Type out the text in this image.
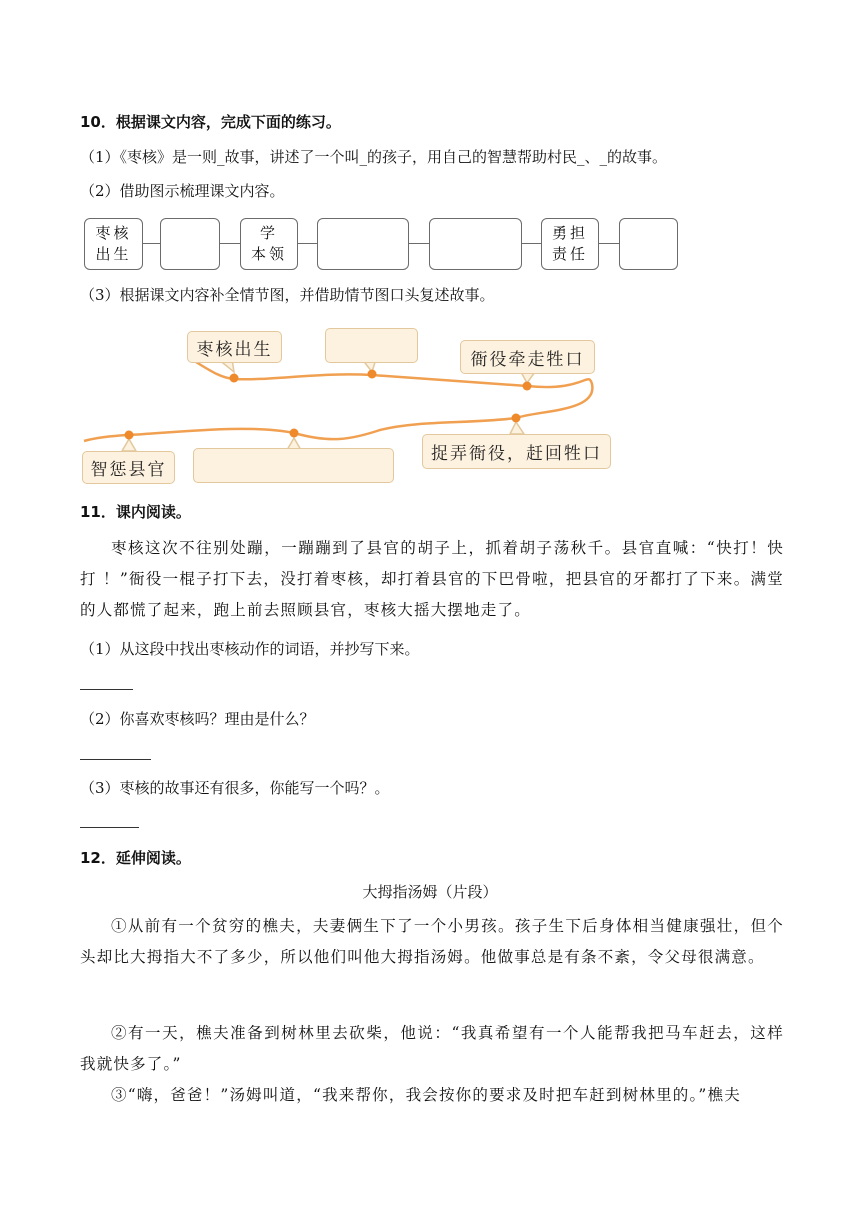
10．根据课文内容，完成下面的练习。
（1）《枣核》是一则_故事，讲述了一个叫_的孩子，用自己的智慧帮助村民_、_的故事。
（2）借助图示梳理课文内容。
枣核
出生
学
本领
勇担
责任
（3）根据课文内容补全情节图，并借助情节图口头复述故事。
枣核出生	衙役牵走牲口
捉弄衙役，赶回牲口
智惩县官
11．课内阅读。
枣核这次不往别处蹦，一蹦蹦到了县官的胡子上，抓着胡子荡秋千。县官直喊：“快打！快打 ！”衙役一棍子打下去，没打着枣核，却打着县官的下巴骨啦，把县官的牙都打了下来。满堂的人都慌了起来，跑上前去照顾县官，枣核大摇大摆地走了。
（1）从这段中找出枣核动作的词语，并抄写下来。
（2）你喜欢枣核吗？理由是什么？
（3）枣核的故事还有很多，你能写一个吗？。
12．延伸阅读。
大拇指汤姆（片段）
①从前有一个贫穷的樵夫，夫妻俩生下了一个小男孩。孩子生下后身体相当健康强壮，但个头却比大拇指大不了多少，所以他们叫他大拇指汤姆。他做事总是有条不紊，令父母很满意。
②有一天，樵夫准备到树林里去砍柴，他说：“我真希望有一个人能帮我把马车赶去，这样我就快多了。”
③“嗨，爸爸！”汤姆叫道，“我来帮你，我会按你的要求及时把车赶到树林里的。”樵夫
